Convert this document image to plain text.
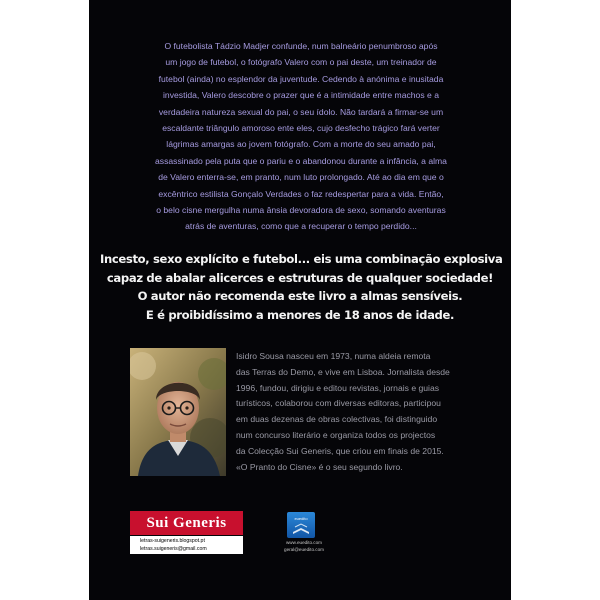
O futebolista Tádzio Madjer confunde, num balneário penumbroso após

um jogo de futebol, o fotógrafo Valero com o pai deste, um treinador de

futebol (ainda) no esplendor da juventude. Cedendo à anónima e inusitada

investida, Valero descobre o prazer que é a intimidade entre machos e a

verdadeira natureza sexual do pai, o seu ídolo. Não tardará a firmar-se um

escaldante triângulo amoroso ente eles, cujo desfecho trágico fará verter

lágrimas amargas ao jovem fotógrafo. Com a morte do seu amado pai,

assassinado pela puta que o pariu e o abandonou durante a infância, a alma

de Valero enterra-se, em pranto, num luto prolongado. Até ao dia em que o

excêntrico estilista Gonçalo Verdades o faz redespertar para a vida. Então,

o belo cisne mergulha numa ânsia devoradora de sexo, somando aventuras

atrás de aventuras, como que a recuperar o tempo perdido...

Incesto, sexo explícito e futebol... eis uma combinação explosiva
capaz de abalar alicerces e estruturas de qualquer sociedade!
O autor não recomenda este livro a almas sensíveis.
E é proibidíssimo a menores de 18 anos de idade.

Isidro Sousa nasceu em 1973, numa aldeia remota

das Terras do Demo, e vive em Lisboa. Jornalista desde

1996, fundou, dirigiu e editou revistas, jornais e guias

turísticos, colaborou com diversas editoras, participou

em duas dezenas de obras colectivas, foi distinguido

num concurso literário e organiza todos os projectos

da Colecção Sui Generis, que criou em finais de 2015.

«O Pranto do Cisne» é o seu segundo livro.

Sui Generis
letras-suigeneris.blogspot.pt
letras.suigeneris@gmail.com
euedito
www.euedito.com
geral@euedito.com
